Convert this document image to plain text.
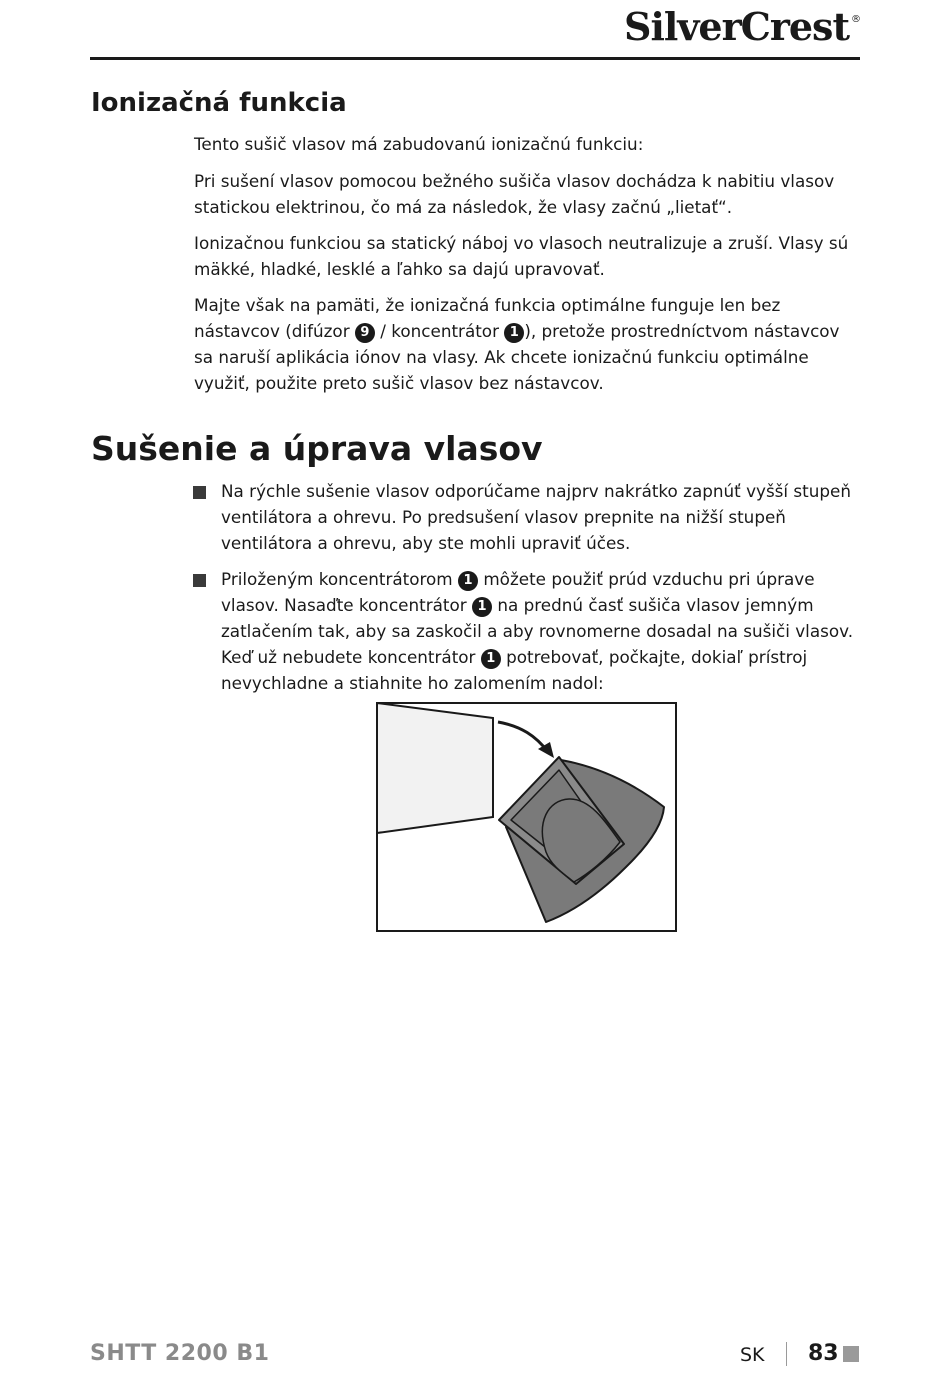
SilverCrest ®
Ionizačná funkcia

Tento sušič vlasov má zabudovanú ionizačnú funkciu:

Pri sušení vlasov pomocou bežného sušiča vlasov dochádza k nabitiu vlasov statickou elektrinou, čo má za následok, že vlasy začnú „lietať“.

Ionizačnou funkciou sa statický náboj vo vlasoch neutralizuje a zruší. Vlasy sú mäkké, hladké, lesklé a ľahko sa dajú upravovať.

Majte však na pamäti, že ionizačná funkcia optimálne funguje len bez nástavcov (difúzor 9 / koncentrátor 1 ), pretože prostredníctvom nástavcov sa naruší aplikácia iónov na vlasy. Ak chcete ionizačnú funkciu optimálne využiť, použite preto sušič vlasov bez nástavcov.

Sušenie a úprava vlasov

Na rýchle sušenie vlasov odporúčame najprv nakrátko zapnúť vyšší stupeň ventilátora a ohrevu. Po predsušení vlasov prepnite na nižší stupeň ventilátora a ohrevu, aby ste mohli upraviť účes.

Priloženým koncentrátorom 1 môžete použiť prúd vzduchu pri úprave vlasov. Nasaďte koncentrátor 1 na prednú časť sušiča vlasov jemným zatlačením tak, aby sa zaskočil a aby rovnomerne dosadal na sušiči vlasov.
Keď už nebudete koncentrátor 1 potrebovať, počkajte, dokiaľ prístroj nevychladne a stiahnite ho zalomením nadol:

SHTT 2200 B1	SK 83
